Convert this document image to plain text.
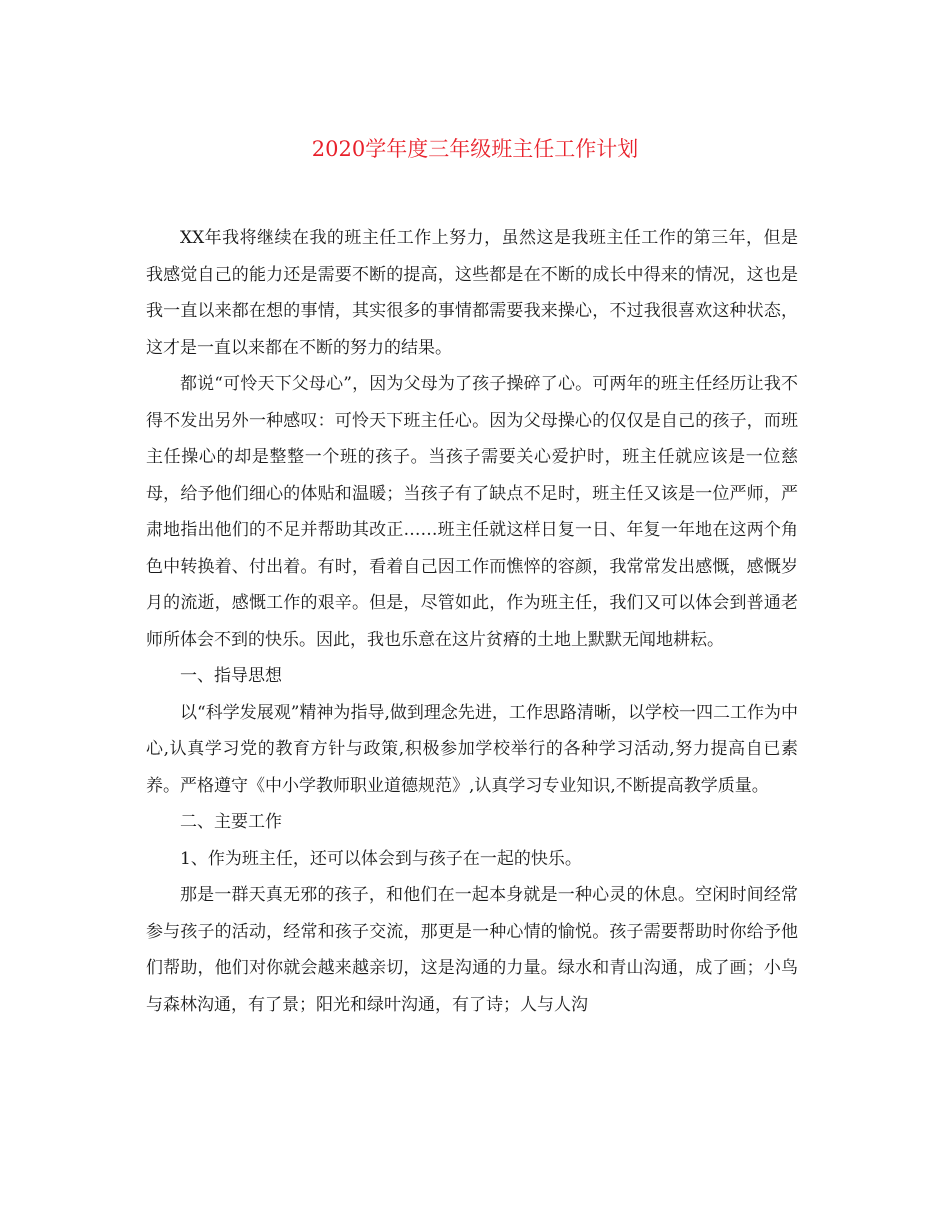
2020学年度三年级班主任工作计划

XX年我将继续在我的班主任工作上努力，虽然这是我班主任工作的第三年，但是我感觉自己的能力还是需要不断的提高，这些都是在不断的成长中得来的情况，这也是我一直以来都在想的事情，其实很多的事情都需要我来操心，不过我很喜欢这种状态，这才是一直以来都在不断的努力的结果。

都说“可怜天下父母心”，因为父母为了孩子操碎了心。可两年的班主任经历让我不得不发出另外一种感叹：可怜天下班主任心。因为父母操心的仅仅是自己的孩子，而班主任操心的却是整整一个班的孩子。当孩子需要关心爱护时，班主任就应该是一位慈母，给予他们细心的体贴和温暖；当孩子有了缺点不足时，班主任又该是一位严师，严肃地指出他们的不足并帮助其改正……班主任就这样日复一日、年复一年地在这两个角色中转换着、付出着。有时，看着自己因工作而憔悴的容颜，我常常发出感慨，感慨岁月的流逝，感慨工作的艰辛。但是，尽管如此，作为班主任，我们又可以体会到普通老师所体会不到的快乐。因此，我也乐意在这片贫瘠的土地上默默无闻地耕耘。

一、指导思想

以“科学发展观”精神为指导,做到理念先进，工作思路清晰，以学校一四二工作为中心,认真学习党的教育方针与政策,积极参加学校举行的各种学习活动,努力提高自已素养。严格遵守《中小学教师职业道德规范》,认真学习专业知识,不断提高教学质量。

二、主要工作

1、作为班主任，还可以体会到与孩子在一起的快乐。

那是一群天真无邪的孩子，和他们在一起本身就是一种心灵的休息。空闲时间经常参与孩子的活动，经常和孩子交流，那更是一种心情的愉悦。孩子需要帮助时你给予他们帮助，他们对你就会越来越亲切，这是沟通的力量。绿水和青山沟通，成了画；小鸟与森林沟通，有了景；阳光和绿叶沟通，有了诗；人与人沟
